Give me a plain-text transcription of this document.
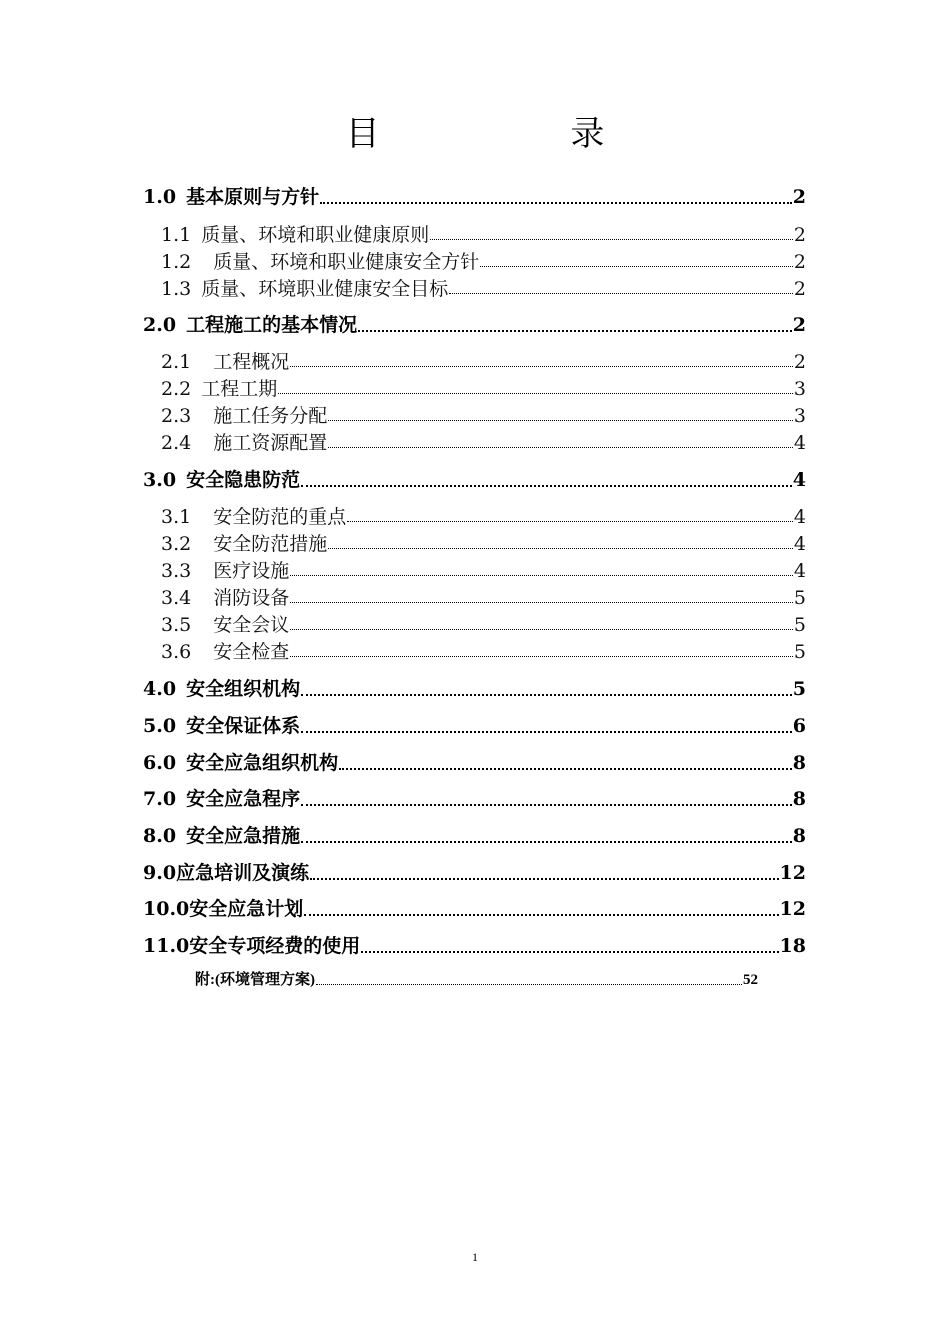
目 录
1.0 基本原则与方针	2
1.1 质量、环境和职业健康原则	2
1.2 质量、环境和职业健康安全方针	2
1.3 质量、环境职业健康安全目标	2
2.0 工程施工的基本情况	2
2.1 工程概况	2
2.2 工程工期	3
2.3 施工任务分配	3
2.4 施工资源配置	4
3.0 安全隐患防范	4
3.1 安全防范的重点	4
3.2 安全防范措施	4
3.3 医疗设施	4
3.4 消防设备	5
3.5 安全会议	5
3.6 安全检查	5
4.0 安全组织机构	5
5.0 安全保证体系	6
6.0 安全应急组织机构	8
7.0 安全应急程序	8
8.0 安全应急措施	8
9.0 应急培训及演练	12
10.0 安全应急计划	12
11.0 安全专项经费的使用	18
附:(环境管理方案)	52
1
